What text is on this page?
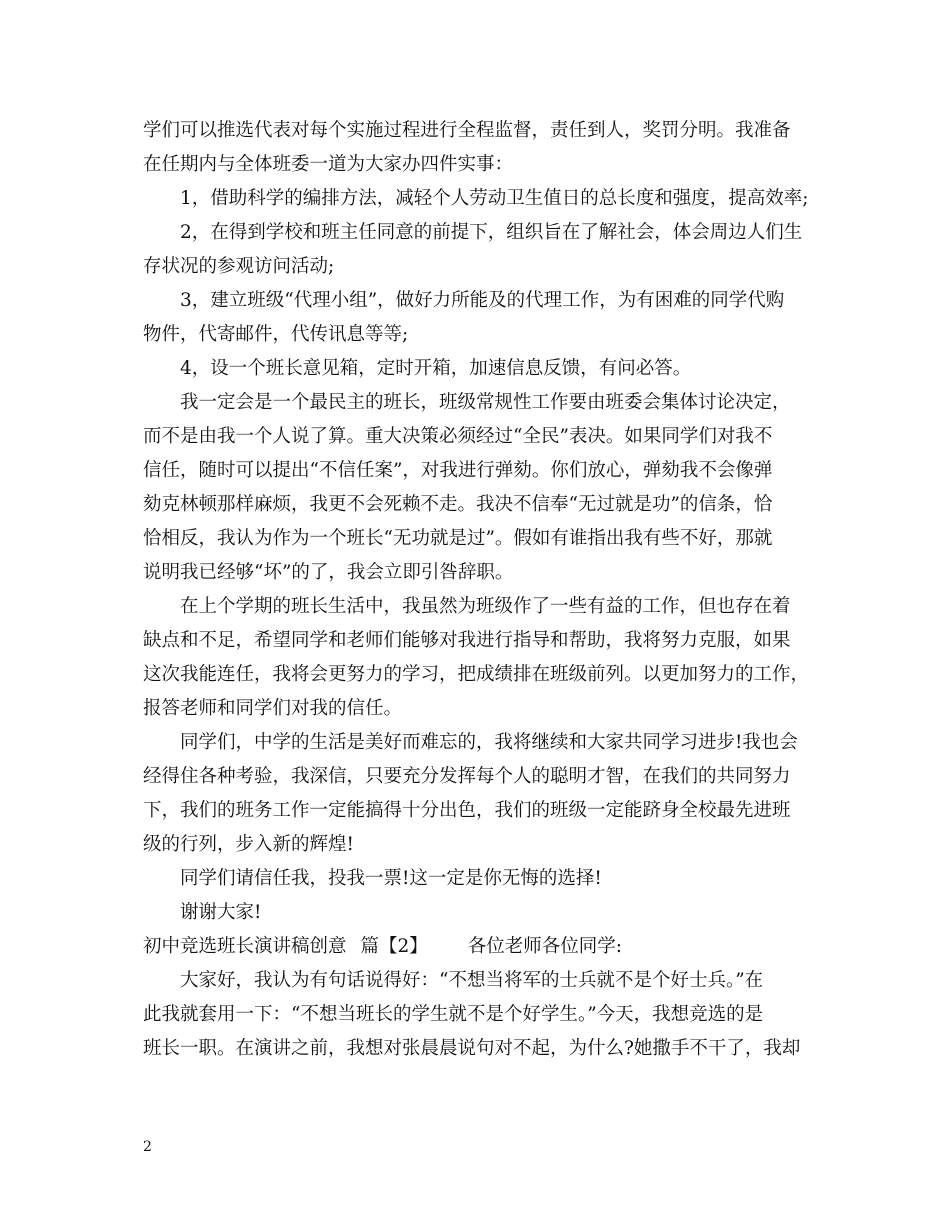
学们可以推选代表对每个实施过程进行全程监督，责任到人，奖罚分明。我准备
在任期内与全体班委一道为大家办四件实事：
1，借助科学的编排方法，减轻个人劳动卫生值日的总长度和强度，提高效率;
2，在得到学校和班主任同意的前提下，组织旨在了解社会，体会周边人们生
存状况的参观访问活动;
3，建立班级“代理小组”，做好力所能及的代理工作，为有困难的同学代购
物件，代寄邮件，代传讯息等等;
4，设一个班长意见箱，定时开箱，加速信息反馈，有问必答。
我一定会是一个最民主的班长，班级常规性工作要由班委会集体讨论决定，
而不是由我一个人说了算。重大决策必须经过“全民”表决。如果同学们对我不
信任，随时可以提出“不信任案”，对我进行弹劾。你们放心，弹劾我不会像弹
劾克林顿那样麻烦，我更不会死赖不走。我决不信奉“无过就是功”的信条，恰
恰相反，我认为作为一个班长“无功就是过”。假如有谁指出我有些不好，那就
说明我已经够“坏”的了，我会立即引咎辞职。
在上个学期的班长生活中，我虽然为班级作了一些有益的工作，但也存在着
缺点和不足，希望同学和老师们能够对我进行指导和帮助，我将努力克服，如果
这次我能连任，我将会更努力的学习，把成绩排在班级前列。以更加努力的工作，
报答老师和同学们对我的信任。
同学们，中学的生活是美好而难忘的，我将继续和大家共同学习进步!我也会
经得住各种考验，我深信，只要充分发挥每个人的聪明才智，在我们的共同努力
下，我们的班务工作一定能搞得十分出色，我们的班级一定能跻身全校最先进班
级的行列，步入新的辉煌!
同学们请信任我，投我一票!这一定是你无悔的选择!
谢谢大家!
初中竞选班长演讲稿创意 篇【2】 各位老师各位同学:
大家好，我认为有句话说得好：“不想当将军的士兵就不是个好士兵。”在
此我就套用一下：“不想当班长的学生就不是个好学生。”今天，我想竞选的是
班长一职。在演讲之前，我想对张晨晨说句对不起，为什么?她撒手不干了，我却
2
